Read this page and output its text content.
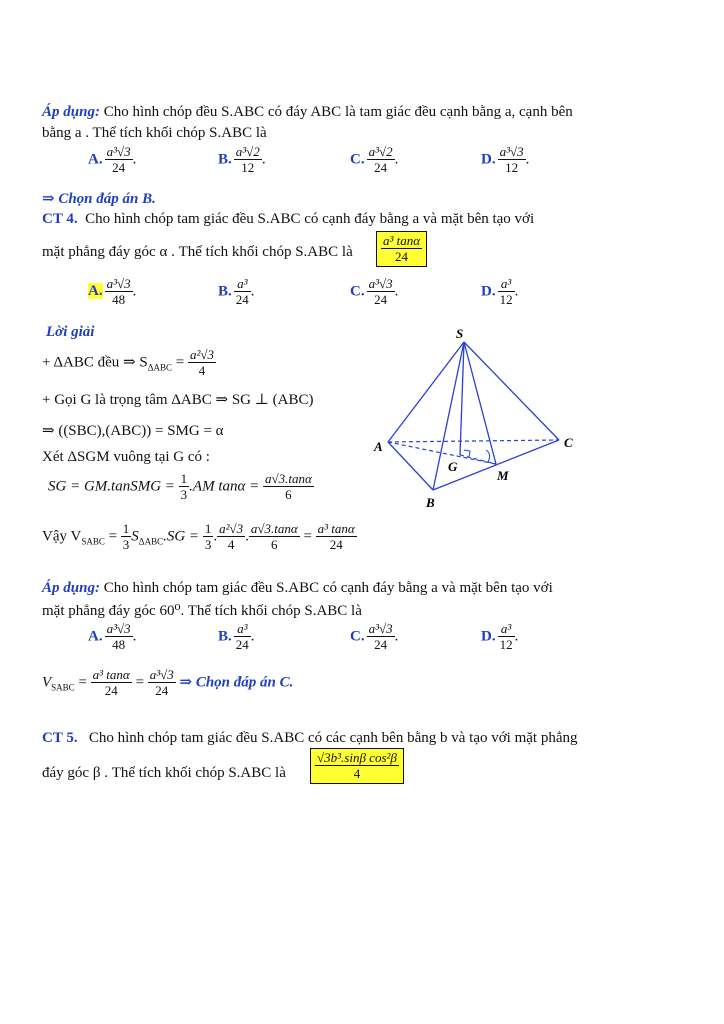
Áp dụng: Cho hình chóp đều S.ABC có đáy ABC là tam giác đều cạnh bằng a, cạnh bên
bằng a . Thể tích khối chóp S.ABC là
A. $\frac{\text{a³√3}}{24}$ .	B. $\frac{\text{a³√2}}{12}$ .	C. $\frac{\text{a³√2}}{24}$ .	D. $\frac{\text{a³√3}}{12}$ .
⇒ Chọn đáp án B.
CT 4. Cho hình chóp tam giác đều S.ABC có cạnh đáy bằng a và mặt bên tạo với
mặt phẳng đáy góc α . Thể tích khối chóp S.ABC là $\frac{\text{a³ tanα}}{24}$
A. $\frac{\text{a³√3}}{48}$ .	B. $\frac{\text{a³}}{24}$ .	C. $\frac{\text{a³√3}}{24}$ .	D. $\frac{\text{a³}}{12}$ .
Lời giải
+ ΔABC đều ⇒ $S_{\Delta ABC} = \frac{\text{a²√3}}{4}$
+ Gọi G là trọng tâm ΔABC ⇒ SG ⊥ (ABC)
⇒ ((SBC),(ABC)) = SMG = α
Xét ΔSGM vuông tại G có :
SG = GM.tanSMG = $\frac{1}{3} .AM$ $\tan\alpha = \frac{a√3.\tan\alpha}{6}$
Vậy $V_{SABC} = \frac{1}{3} S_{\Delta ABC}.SG = \frac{1}{3}$ . $\frac{\text{a²√3}}{4}$ . $\frac{a√3.\tan\alpha}{6} = \frac{\text{a³ tanα}}{24}$
S
A
B
C
G
M
Áp dụng: Cho hình chóp tam giác đều S.ABC có cạnh đáy bằng a và mặt bên tạo với
mặt phẳng đáy góc 60⁰. Thể tích khối chóp S.ABC là
A. $\frac{\text{a³√3}}{48}$ .	B. $\frac{\text{a³}}{24}$ .	C. $\frac{\text{a³√3}}{24}$ .	D. $\frac{\text{a³}}{12}$ .
$V_{SABC} = \frac{\text{a³ tanα}}{24} = \frac{\text{a³√3}}{24}$ ⇒ Chọn đáp án C.
CT 5. Cho hình chóp tam giác đều S.ABC có các cạnh bên bằng b và tạo với mặt phẳng
đáy góc β . Thể tích khối chóp S.ABC là $\frac{\text{√3b³.sinβ cos²β}}{4}$
